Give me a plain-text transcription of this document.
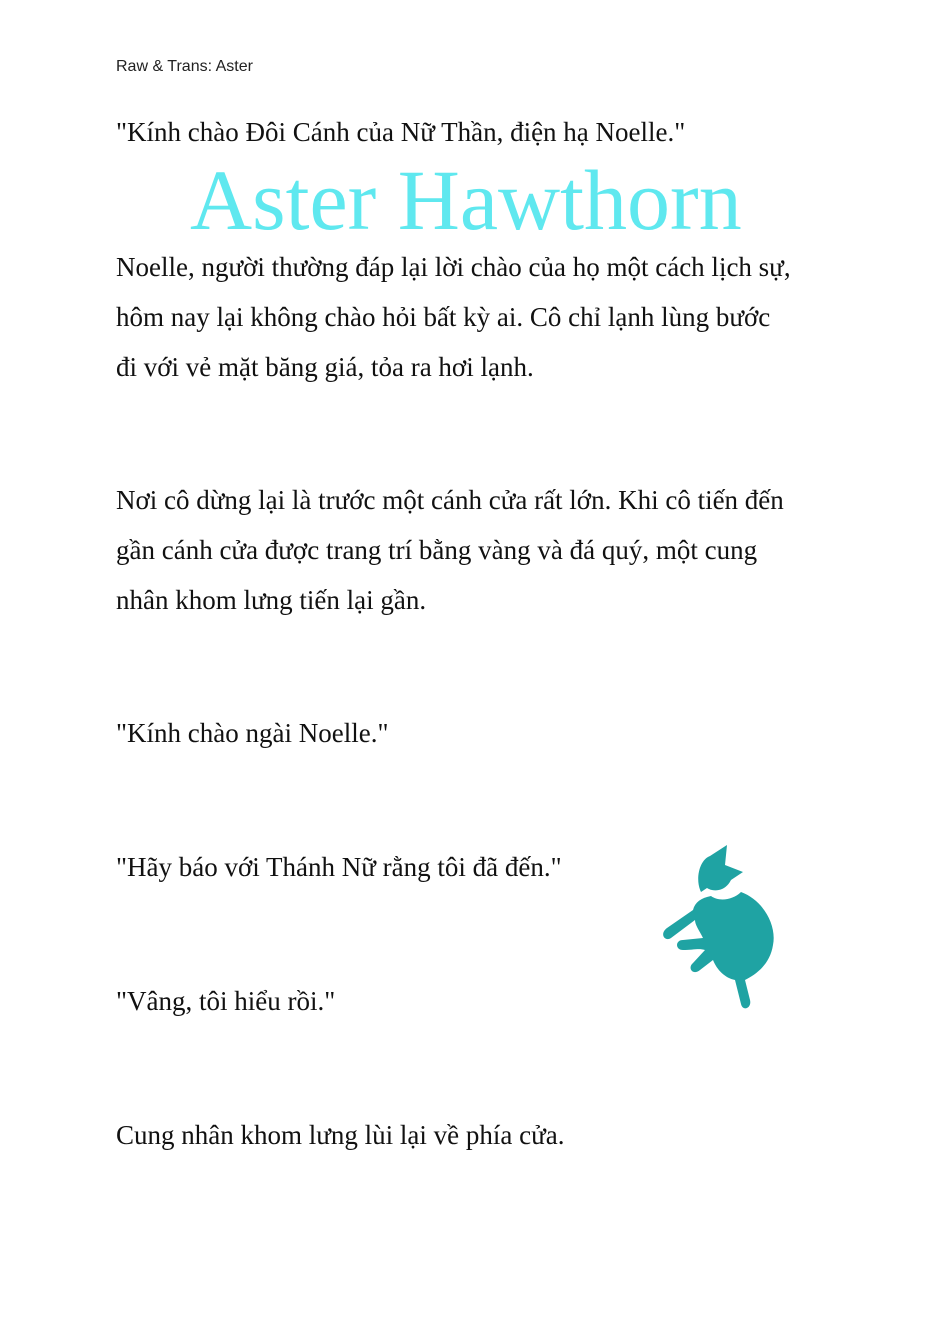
Raw & Trans: Aster
"Kính chào Đôi Cánh của Nữ Thần, điện hạ Noelle."
Noelle, người thường đáp lại lời chào của họ một cách lịch sự,
hôm nay lại không chào hỏi bất kỳ ai. Cô chỉ lạnh lùng bước
đi với vẻ mặt băng giá, tỏa ra hơi lạnh.
Nơi cô dừng lại là trước một cánh cửa rất lớn. Khi cô tiến đến
gần cánh cửa được trang trí bằng vàng và đá quý, một cung
nhân khom lưng tiến lại gần.
"Kính chào ngài Noelle."
"Hãy báo với Thánh Nữ rằng tôi đã đến."
"Vâng, tôi hiểu rồi."
Cung nhân khom lưng lùi lại về phía cửa.
Aster Hawthorn
